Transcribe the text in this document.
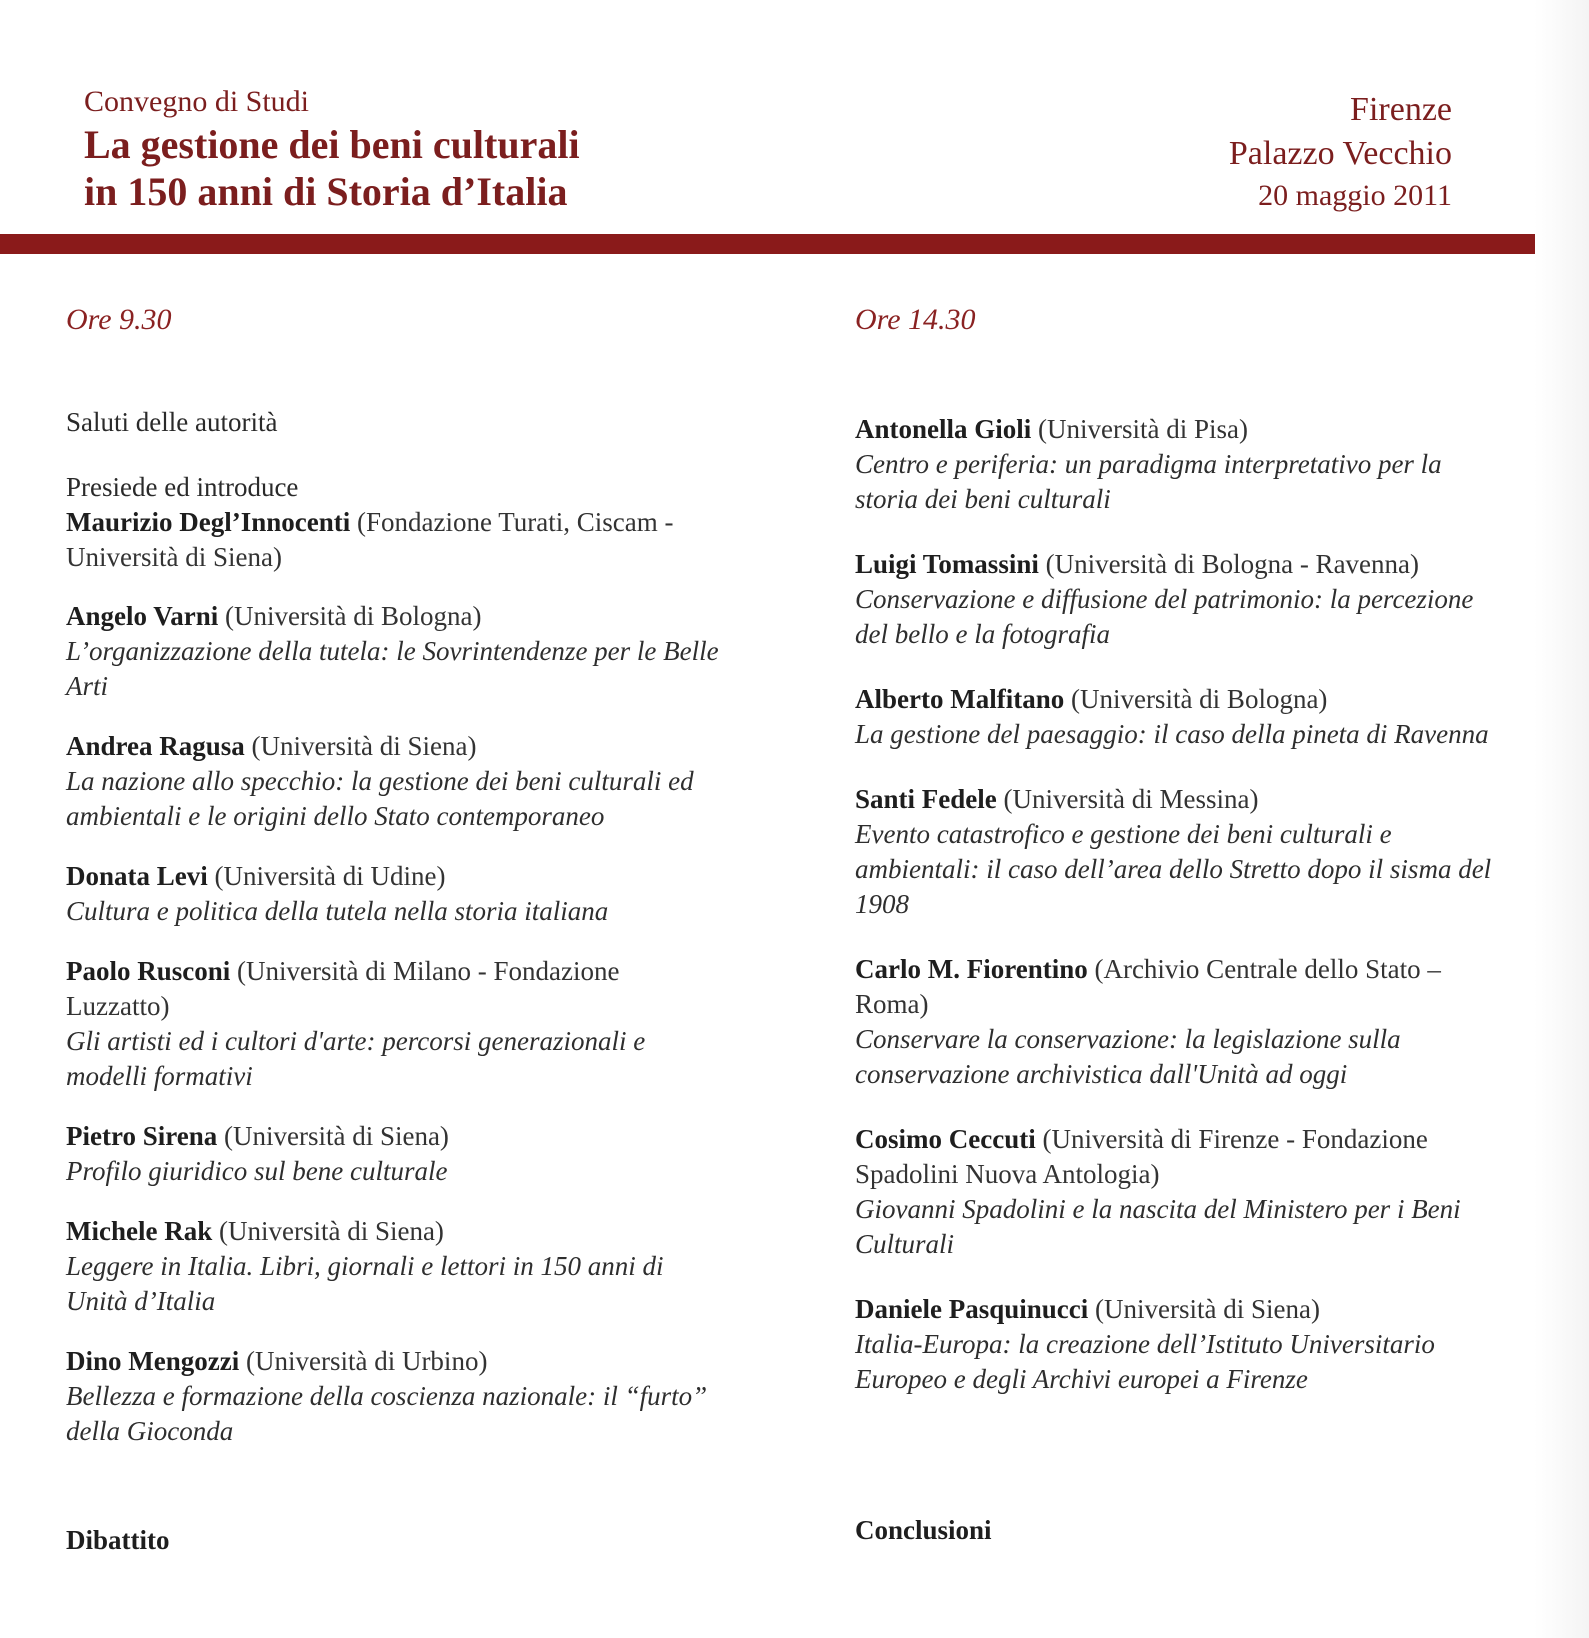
Convegno di Studi
La gestione dei beni culturali
in 150 anni di Storia d’Italia
Firenze
Palazzo Vecchio
20 maggio 2011
Ore 9.30
Saluti delle autorità
Presiede ed introduce
Maurizio Degl’Innocenti (Fondazione Turati, Ciscam - Università di Siena)
Angelo Varni (Università di Bologna)
L’organizzazione della tutela: le Sovrintendenze per le Belle Arti
Andrea Ragusa (Università di Siena)
La nazione allo specchio: la gestione dei beni culturali ed ambientali e le origini dello Stato contemporaneo
Donata Levi (Università di Udine)
Cultura e politica della tutela nella storia italiana
Paolo Rusconi (Università di Milano - Fondazione Luzzatto)
Gli artisti ed i cultori d'arte: percorsi generazionali e modelli formativi
Pietro Sirena (Università di Siena)
Profilo giuridico sul bene culturale
Michele Rak (Università di Siena)
Leggere in Italia. Libri, giornali e lettori in 150 anni di Unità d’Italia
Dino Mengozzi (Università di Urbino)
Bellezza e formazione della coscienza nazionale: il “furto” della Gioconda
Dibattito
Ore 14.30
Antonella Gioli (Università di Pisa)
Centro e periferia: un paradigma interpretativo per la storia dei beni culturali
Luigi Tomassini (Università di Bologna - Ravenna)
Conservazione e diffusione del patrimonio: la percezione del bello e la fotografia
Alberto Malfitano (Università di Bologna)
La gestione del paesaggio: il caso della pineta di Ravenna
Santi Fedele (Università di Messina)
Evento catastrofico e gestione dei beni culturali e ambientali: il caso dell’area dello Stretto dopo il sisma del 1908
Carlo M. Fiorentino (Archivio Centrale dello Stato – Roma)
Conservare la conservazione: la legislazione sulla conservazione archivistica dall'Unità ad oggi
Cosimo Ceccuti (Università di Firenze - Fondazione Spadolini Nuova Antologia)
Giovanni Spadolini e la nascita del Ministero per i Beni Culturali
Daniele Pasquinucci (Università di Siena)
Italia-Europa: la creazione dell’Istituto Universitario Europeo e degli Archivi europei a Firenze
Conclusioni
